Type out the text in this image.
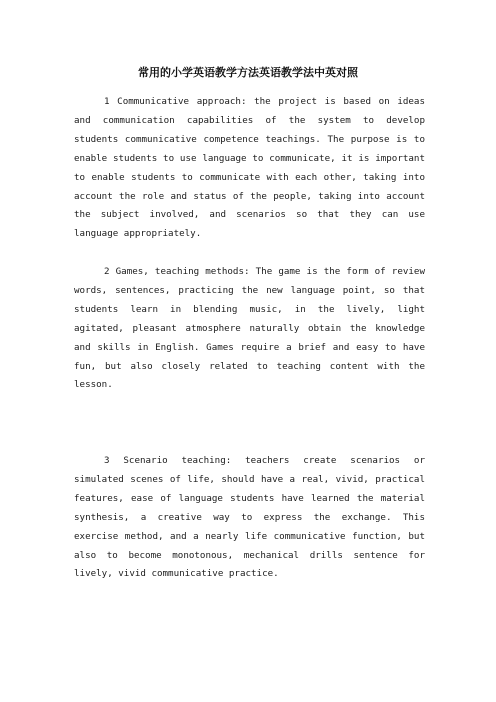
常用的小学英语教学方法英语教学法中英对照

1 Communicative approach: the project is based on ideas and communication capabilities of the system to develop students communicative competence teachings. The purpose is to enable students to use language to communicate, it is important to enable students to communicate with each other, taking into account the role and status of the people, taking into account the subject involved, and scenarios so that they can use language appropriately.

2 Games, teaching methods: The game is the form of review words, sentences, practicing the new language point, so that students learn in blending music, in the lively, light agitated, pleasant atmosphere naturally obtain the knowledge and skills in English. Games require a brief and easy to have fun, but also closely related to teaching content with the lesson.

3 Scenario teaching: teachers create scenarios or simulated scenes of life, should have a real, vivid, practical features, ease of language students have learned the material synthesis, a creative way to express the exchange. This exercise method, and a nearly life communicative function, but also to become monotonous, mechanical drills sentence for lively, vivid communicative practice.
